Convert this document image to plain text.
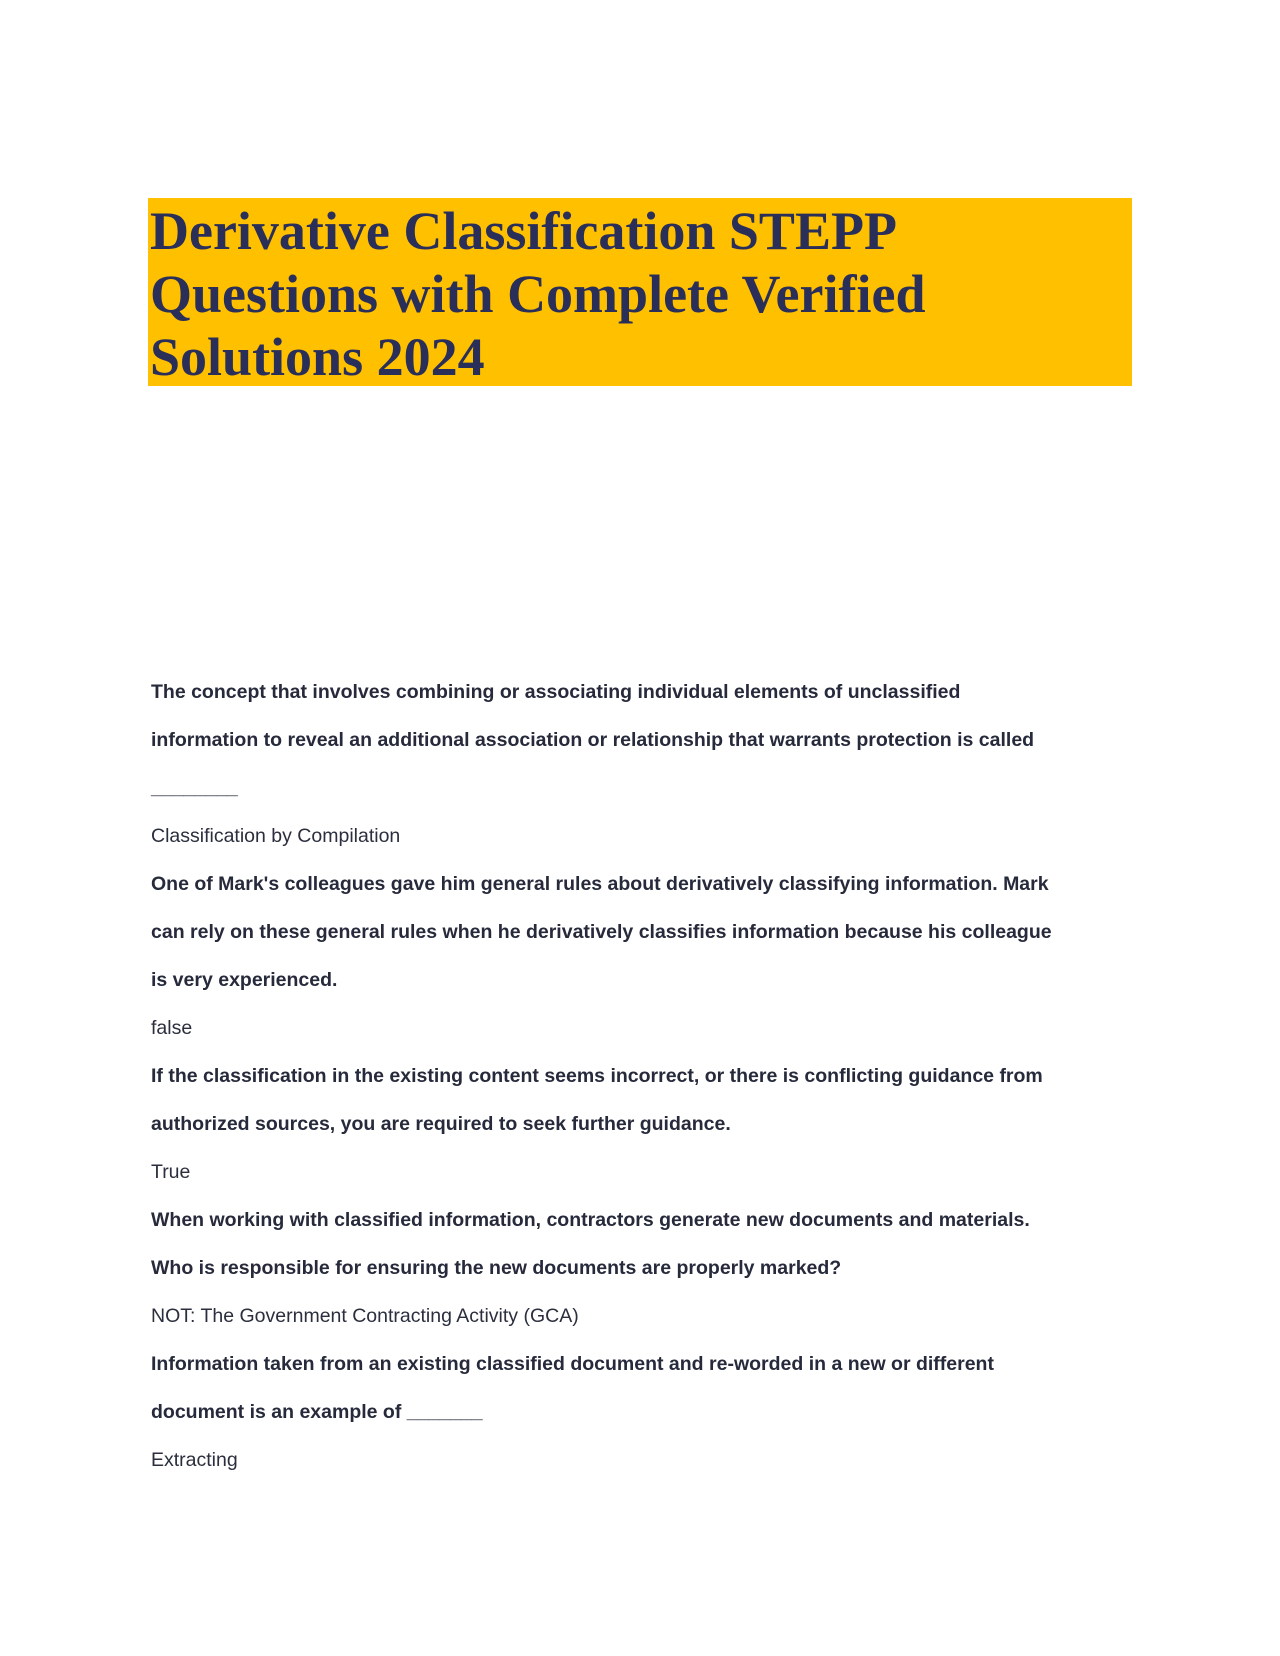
Derivative Classification STEPP
Questions with Complete Verified
Solutions 2024

The concept that involves combining or associating individual elements of unclassified

information to reveal an additional association or relationship that warrants protection is called

________

Classification by Compilation

One of Mark's colleagues gave him general rules about derivatively classifying information. Mark

can rely on these general rules when he derivatively classifies information because his colleague

is very experienced.

false

If the classification in the existing content seems incorrect, or there is conflicting guidance from

authorized sources, you are required to seek further guidance.

True

When working with classified information, contractors generate new documents and materials.

Who is responsible for ensuring the new documents are properly marked?

NOT: The Government Contracting Activity (GCA)

Information taken from an existing classified document and re-worded in a new or different

document is an example of _______

Extracting
